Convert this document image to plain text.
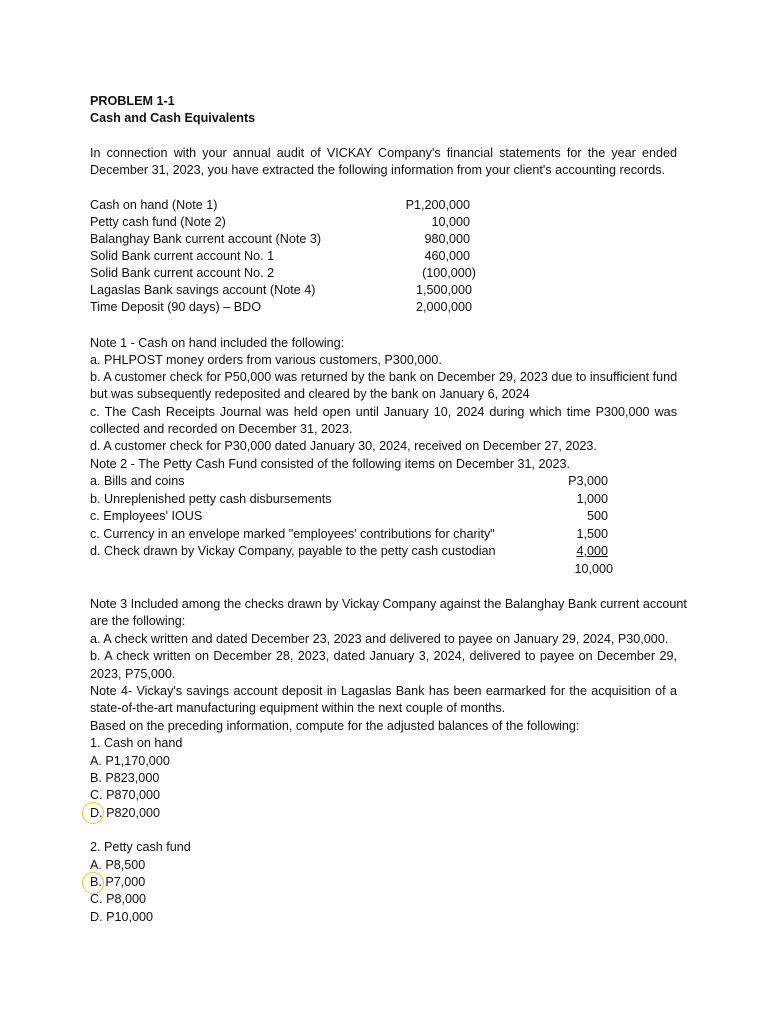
PROBLEM 1-1
Cash and Cash Equivalents
In connection with your annual audit of VICKAY Company's financial statements for the year ended
December 31, 2023, you have extracted the following information from your client's accounting records.
Cash on hand (Note 1)	P1,200,000
Petty cash fund (Note 2)	10,000
Balanghay Bank current account (Note 3)	980,000
Solid Bank current account No. 1	460,000
Solid Bank current account No. 2	(100,000)
Lagaslas Bank savings account (Note 4)	1,500,000
Time Deposit (90 days) – BDO	2,000,000
Note 1 - Cash on hand included the following:
a. PHLPOST money orders from various customers, P300,000.
b. A customer check for P50,000 was returned by the bank on December 29, 2023 due to insufficient fund
but was subsequently redeposited and cleared by the bank on January 6, 2024
c. The Cash Receipts Journal was held open until January 10, 2024 during which time P300,000 was
collected and recorded on December 31, 2023.
d. A customer check for P30,000 dated January 30, 2024, received on December 27, 2023.
Note 2 - The Petty Cash Fund consisted of the following items on December 31, 2023.
a. Bills and coins	P3,000
b. Unreplenished petty cash disbursements	1,000
c. Employees' IOUS	500
c. Currency in an envelope marked "employees' contributions for charity"	1,500
d. Check drawn by Vickay Company, payable to the petty cash custodian	4,000
10,000
Note 3 Included among the checks drawn by Vickay Company against the Balanghay Bank current account
are the following:
a. A check written and dated December 23, 2023 and delivered to payee on January 29, 2024, P30,000.
b. A check written on December 28, 2023, dated January 3, 2024, delivered to payee on December 29,
2023, P75,000.
Note 4- Vickay's savings account deposit in Lagaslas Bank has been earmarked for the acquisition of a
state-of-the-art manufacturing equipment within the next couple of months.
Based on the preceding information, compute for the adjusted balances of the following:
1. Cash on hand
A. P1,170,000
B. P823,000
C. P870,000
D. P820,000
2. Petty cash fund
A. P8,500
B. P7,000
C. P8,000
D. P10,000
